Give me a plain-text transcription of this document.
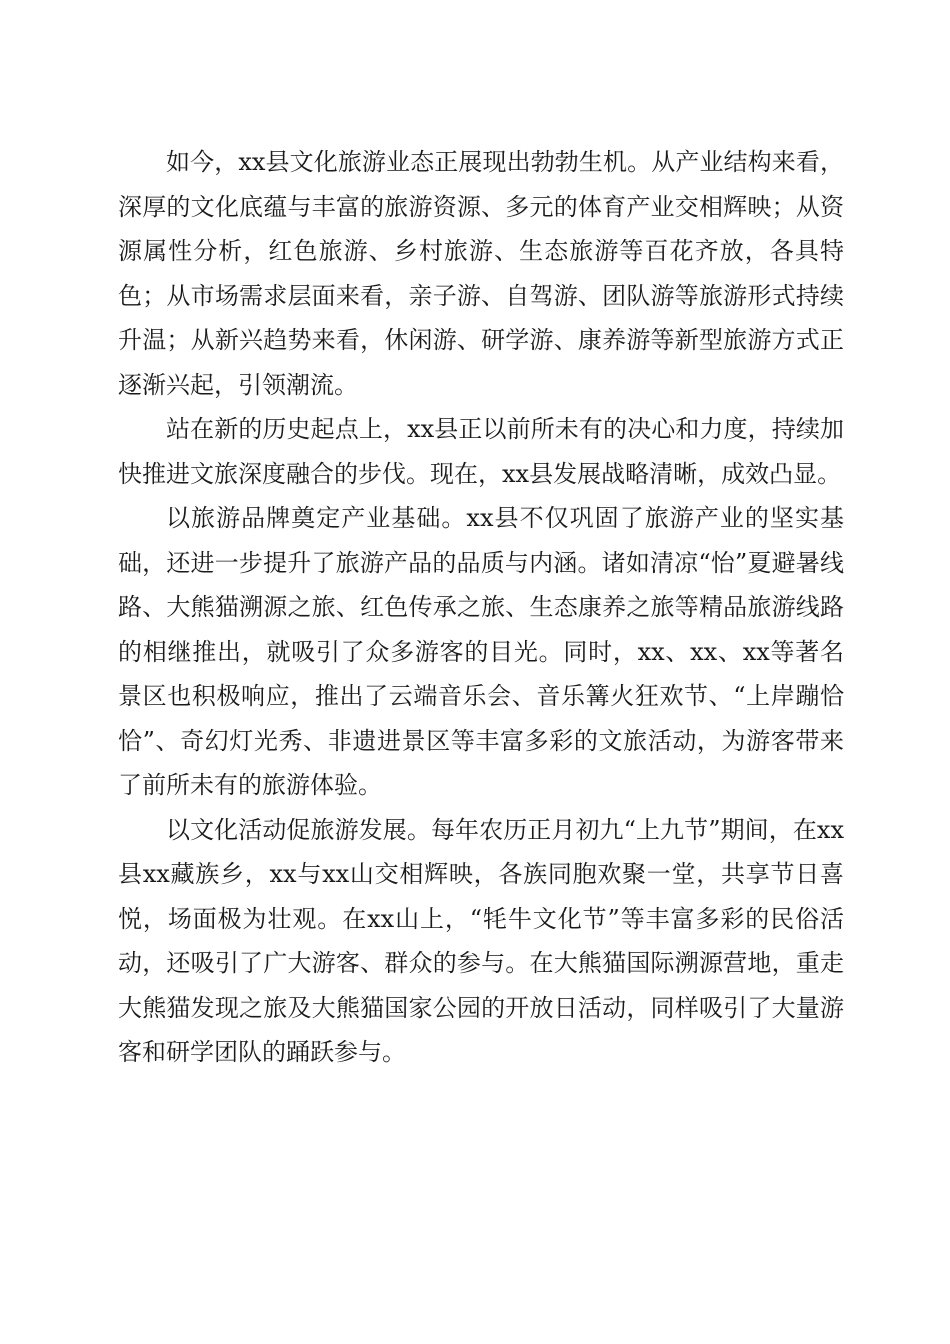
如今，xx县文化旅游业态正展现出勃勃生机。从产业结构来看，深厚的文化底蕴与丰富的旅游资源、多元的体育产业交相辉映；从资源属性分析，红色旅游、乡村旅游、生态旅游等百花齐放，各具特色；从市场需求层面来看，亲子游、自驾游、团队游等旅游形式持续升温；从新兴趋势来看，休闲游、研学游、康养游等新型旅游方式正逐渐兴起，引领潮流。

站在新的历史起点上，xx县正以前所未有的决心和力度，持续加快推进文旅深度融合的步伐。现在，xx县发展战略清晰，成效凸显。

以旅游品牌奠定产业基础。xx县不仅巩固了旅游产业的坚实基础，还进一步提升了旅游产品的品质与内涵。诸如清凉“怡”夏避暑线路、大熊猫溯源之旅、红色传承之旅、生态康养之旅等精品旅游线路的相继推出，就吸引了众多游客的目光。同时，xx、xx、xx等著名景区也积极响应，推出了云端音乐会、音乐篝火狂欢节、“上岸蹦恰恰”、奇幻灯光秀、非遗进景区等丰富多彩的文旅活动，为游客带来了前所未有的旅游体验。

以文化活动促旅游发展。每年农历正月初九“上九节”期间，在xx县xx藏族乡，xx与xx山交相辉映，各族同胞欢聚一堂，共享节日喜悦，场面极为壮观。在xx山上，“牦牛文化节”等丰富多彩的民俗活动，还吸引了广大游客、群众的参与。在大熊猫国际溯源营地，重走大熊猫发现之旅及大熊猫国家公园的开放日活动，同样吸引了大量游客和研学团队的踊跃参与。
